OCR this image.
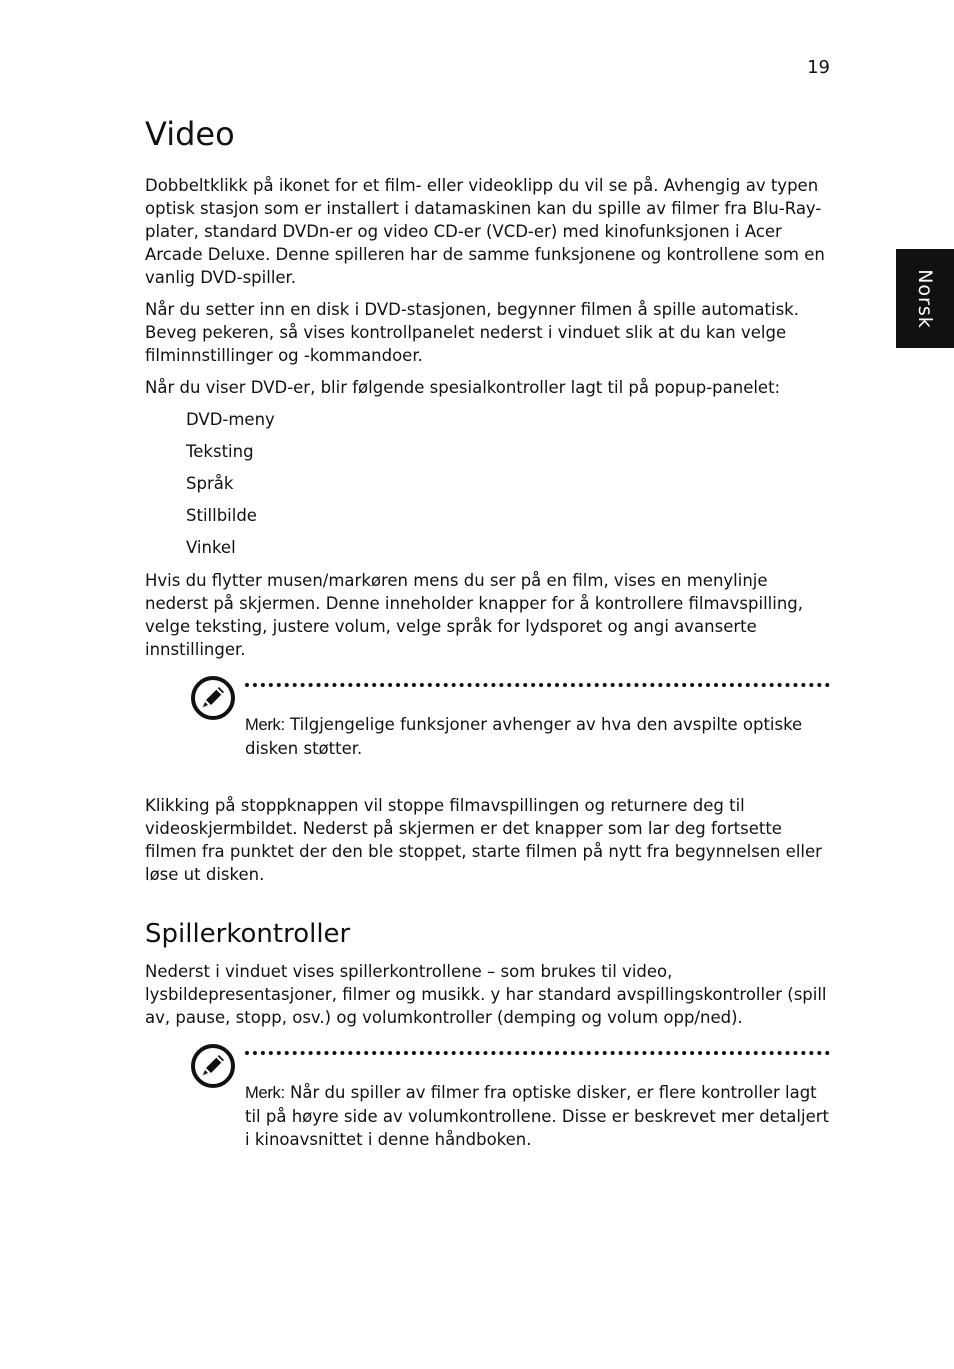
19
Norsk
Video

Dobbeltklikk på ikonet for et film- eller videoklipp du vil se på. Avhengig av typen optisk stasjon som er installert i datamaskinen kan du spille av filmer fra Blu-Ray-plater, standard DVDn-er og video CD-er (VCD-er) med kinofunksjonen i Acer Arcade Deluxe. Denne spilleren har de samme funksjonene og kontrollene som en vanlig DVD-spiller.

Når du setter inn en disk i DVD-stasjonen, begynner filmen å spille automatisk. Beveg pekeren, så vises kontrollpanelet nederst i vinduet slik at du kan velge filminnstillinger og -kommandoer.

Når du viser DVD-er, blir følgende spesialkontroller lagt til på popup-panelet:

DVD-meny
Teksting
Språk
Stillbilde
Vinkel

Hvis du flytter musen/markøren mens du ser på en film, vises en menylinje nederst på skjermen. Denne inneholder knapper for å kontrollere filmavspilling, velge teksting, justere volum, velge språk for lydsporet og angi avanserte innstillinger.

Merk: Tilgjengelige funksjoner avhenger av hva den avspilte optiske disken støtter.

Klikking på stoppknappen vil stoppe filmavspillingen og returnere deg til videoskjermbildet. Nederst på skjermen er det knapper som lar deg fortsette filmen fra punktet der den ble stoppet, starte filmen på nytt fra begynnelsen eller løse ut disken.

Spillerkontroller

Nederst i vinduet vises spillerkontrollene – som brukes til video, lysbildepresentasjoner, filmer og musikk. y har standard avspillingskontroller (spill av, pause, stopp, osv.) og volumkontroller (demping og volum opp/ned).

Merk: Når du spiller av filmer fra optiske disker, er flere kontroller lagt til på høyre side av volumkontrollene. Disse er beskrevet mer detaljert i kinoavsnittet i denne håndboken.
